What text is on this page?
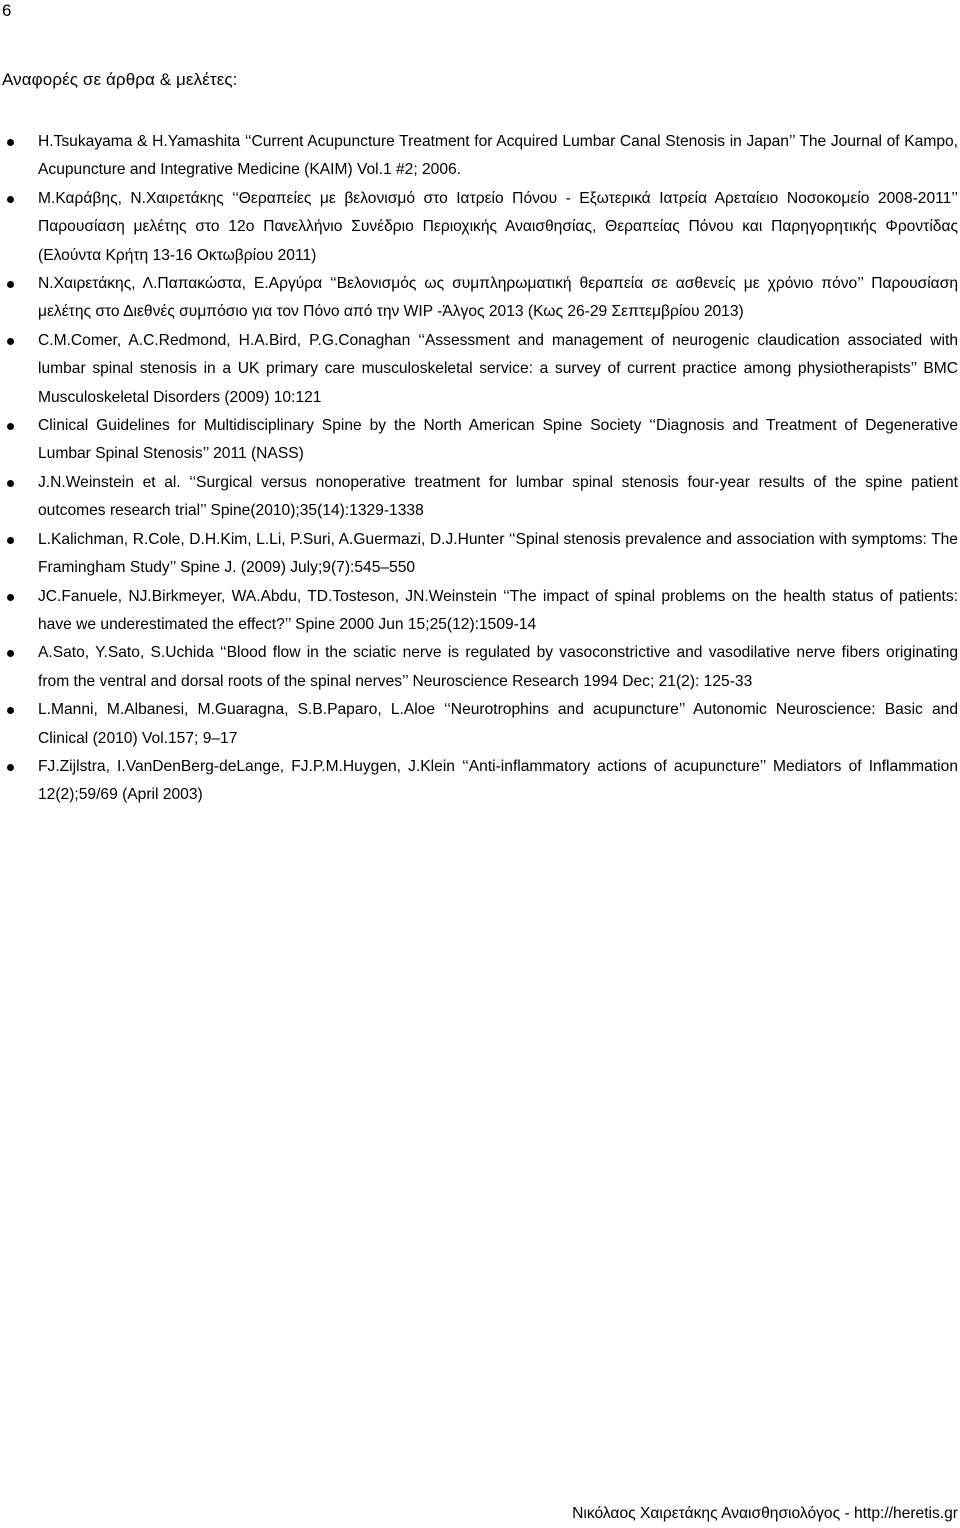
6
Αναφορές σε άρθρα & μελέτες:
H.Tsukayama & H.Yamashita ‘‘Current Acupuncture Treatment for Acquired Lumbar Canal Stenosis in Japan’’ The Journal of Kampo, Acupuncture and Integrative Medicine (KAIM) Vol.1 #2; 2006.
Μ.Καράβης, Ν.Χαιρετάκης ‘‘Θεραπείες με βελονισμό στο Ιατρείο Πόνου - Εξωτερικά Ιατρεία Αρεταίειο Νοσοκομείο 2008-2011’’ Παρουσίαση μελέτης στο 12ο Πανελλήνιο Συνέδριο Περιοχικής Αναισθησίας, Θεραπείας Πόνου και Παρηγορητικής Φροντίδας (Ελούντα Κρήτη 13-16 Οκτωβρίου 2011)
Ν.Χαιρετάκης, Λ.Παπακώστα, Ε.Αργύρα ‘‘Βελονισμός ως συμπληρωματική θεραπεία σε ασθενείς με χρόνιο πόνο’’ Παρουσίαση μελέτης στο Διεθνές συμπόσιο για τον Πόνο από την WIP -Άλγος 2013 (Κως 26-29 Σεπτεμβρίου 2013)
C.M.Comer, A.C.Redmond, H.A.Bird, P.G.Conaghan ‘‘Assessment and management of neurogenic claudication associated with lumbar spinal stenosis in a UK primary care musculoskeletal service: a survey of current practice among physiotherapists’’ BMC Musculoskeletal Disorders (2009) 10:121
Clinical Guidelines for Multidisciplinary Spine by the North American Spine Society ‘‘Diagnosis and Treatment of Degenerative Lumbar Spinal Stenosis’’ 2011 (NASS)
J.N.Weinstein et al. ‘‘Surgical versus nonoperative treatment for lumbar spinal stenosis four-year results of the spine patient outcomes research trial’’ Spine(2010);35(14):1329-1338
L.Kalichman, R.Cole, D.H.Kim, L.Li, P.Suri, A.Guermazi, D.J.Hunter ‘‘Spinal stenosis prevalence and association with symptoms: The Framingham Study’’ Spine J. (2009) July;9(7):545–550
JC.Fanuele, NJ.Birkmeyer, WA.Abdu, TD.Tosteson, JN.Weinstein ‘‘The impact of spinal problems on the health status of patients: have we underestimated the effect?’’ Spine 2000 Jun 15;25(12):1509-14
A.Sato, Y.Sato, S.Uchida ‘‘Blood flow in the sciatic nerve is regulated by vasoconstrictive and vasodilative nerve fibers originating from the ventral and dorsal roots of the spinal nerves’’ Neuroscience Research 1994 Dec; 21(2): 125-33
L.Manni, M.Albanesi, M.Guaragna, S.B.Paparo, L.Aloe ‘‘Neurotrophins and acupuncture’’ Autonomic Neuroscience: Basic and Clinical (2010) Vol.157; 9–17
FJ.Zijlstra, I.VanDenBerg-deLange, FJ.P.M.Huygen, J.Klein ‘‘Anti-inflammatory actions of acupuncture’’ Mediators of Inflammation 12(2);59/69 (April 2003)
Νικόλαος Χαιρετάκης Αναισθησιολόγος - http://heretis.gr
